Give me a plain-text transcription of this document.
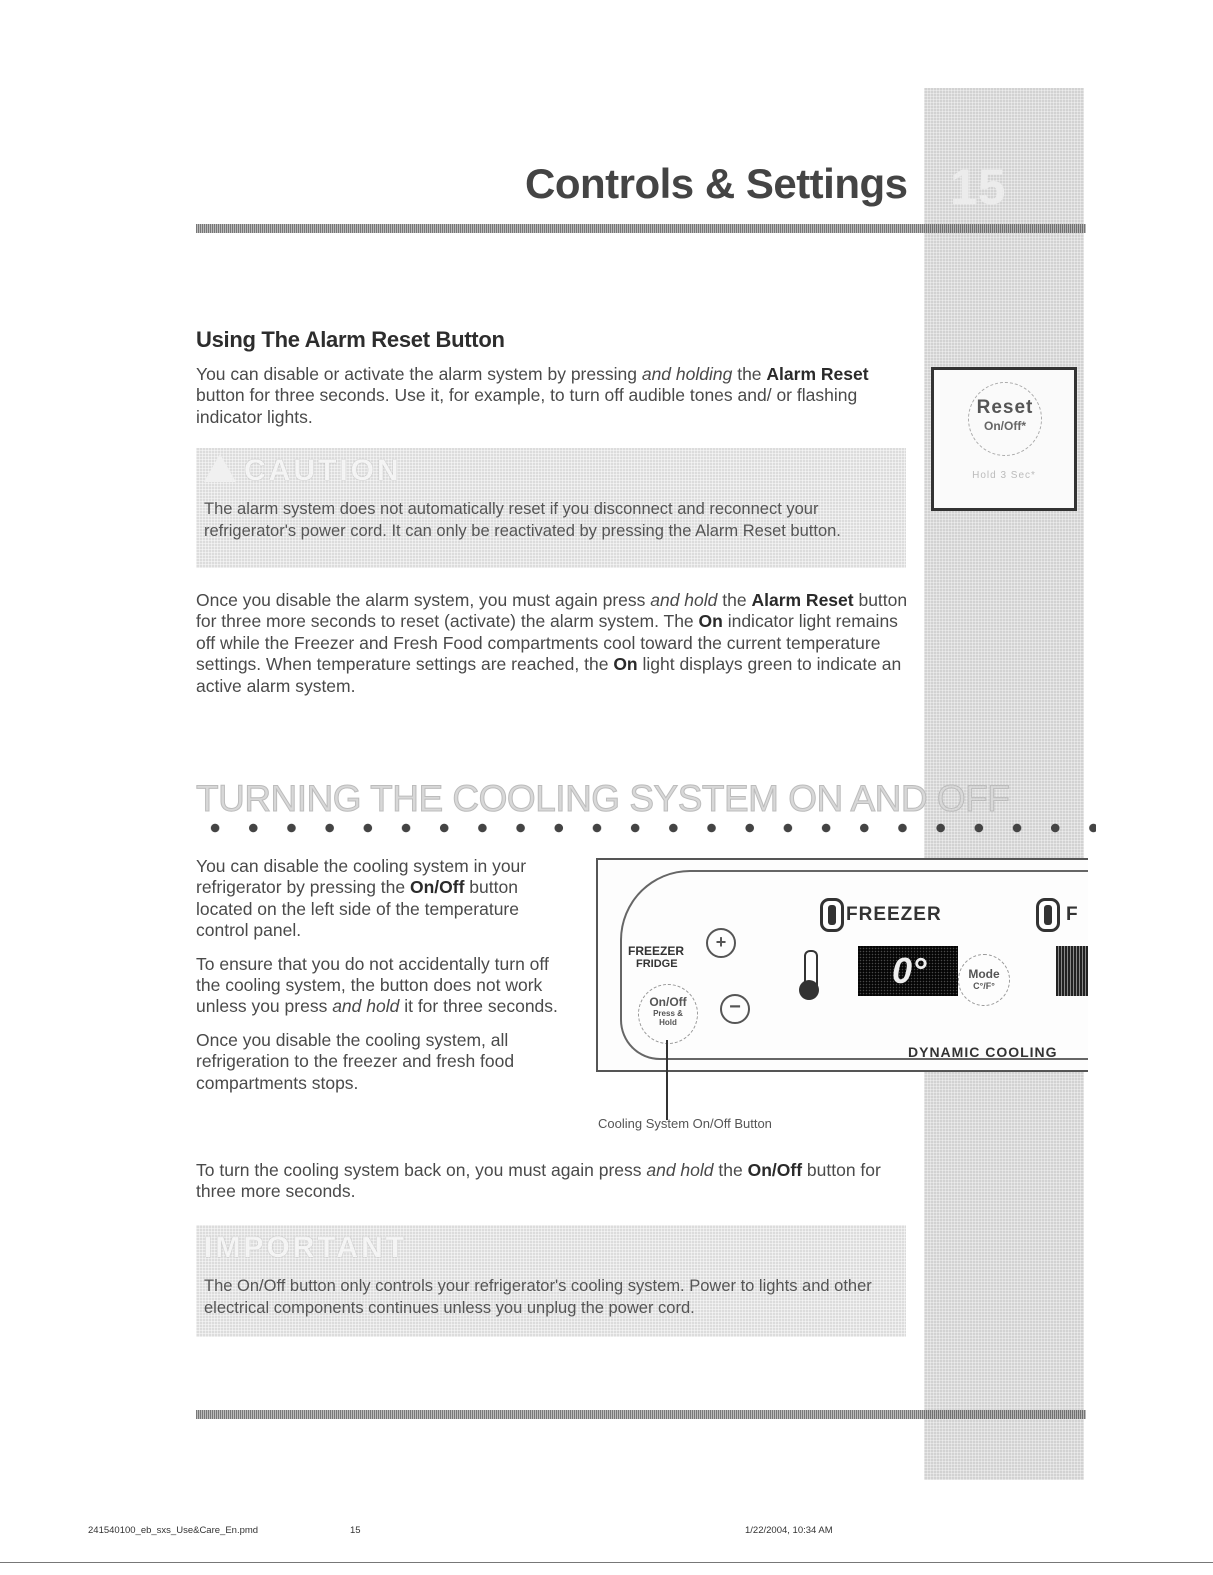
15
Controls & Settings
Using The Alarm Reset Button
You can disable or activate the alarm system by pressing and holding the Alarm Reset button for three seconds. Use it, for example, to turn off audible tones and/ or flashing indicator lights.
CAUTION
The alarm system does not automatically reset if you disconnect and reconnect your refrigerator's power cord. It can only be reactivated by pressing the Alarm Reset button.
Once you disable the alarm system, you must again press and hold the Alarm Reset button for three more seconds to reset (activate) the alarm system. The On indicator light remains off while the Freezer and Fresh Food compartments cool toward the current temperature settings. When temperature settings are reached, the On light displays green to indicate an active alarm system.
Reset
On/Off*
Hold 3 Sec*
TURNING THE COOLING SYSTEM ON AND OFF

You can disable the cooling system in your refrigerator by pressing the On/Off button located on the left side of the temperature control panel.

To ensure that you do not accidentally turn off the cooling system, the button does not work unless you press and hold it for three seconds.

Once you disable the cooling system, all refrigeration to the freezer and fresh food compartments stops.

FREEZER	F
FREEZER
FRIDGE
+
−
On/Off
Press &
Hold
0°	Mode
C°/F°
DYNAMIC COOLING
Cooling System On/Off Button
To turn the cooling system back on, you must again press and hold the On/Off button for three more seconds.
IMPORTANT
The On/Off button only controls your refrigerator's cooling system. Power to lights and other electrical components continues unless you unplug the power cord.
241540100_eb_sxs_Use&Care_En.pmd	15	1/22/2004, 10:34 AM
